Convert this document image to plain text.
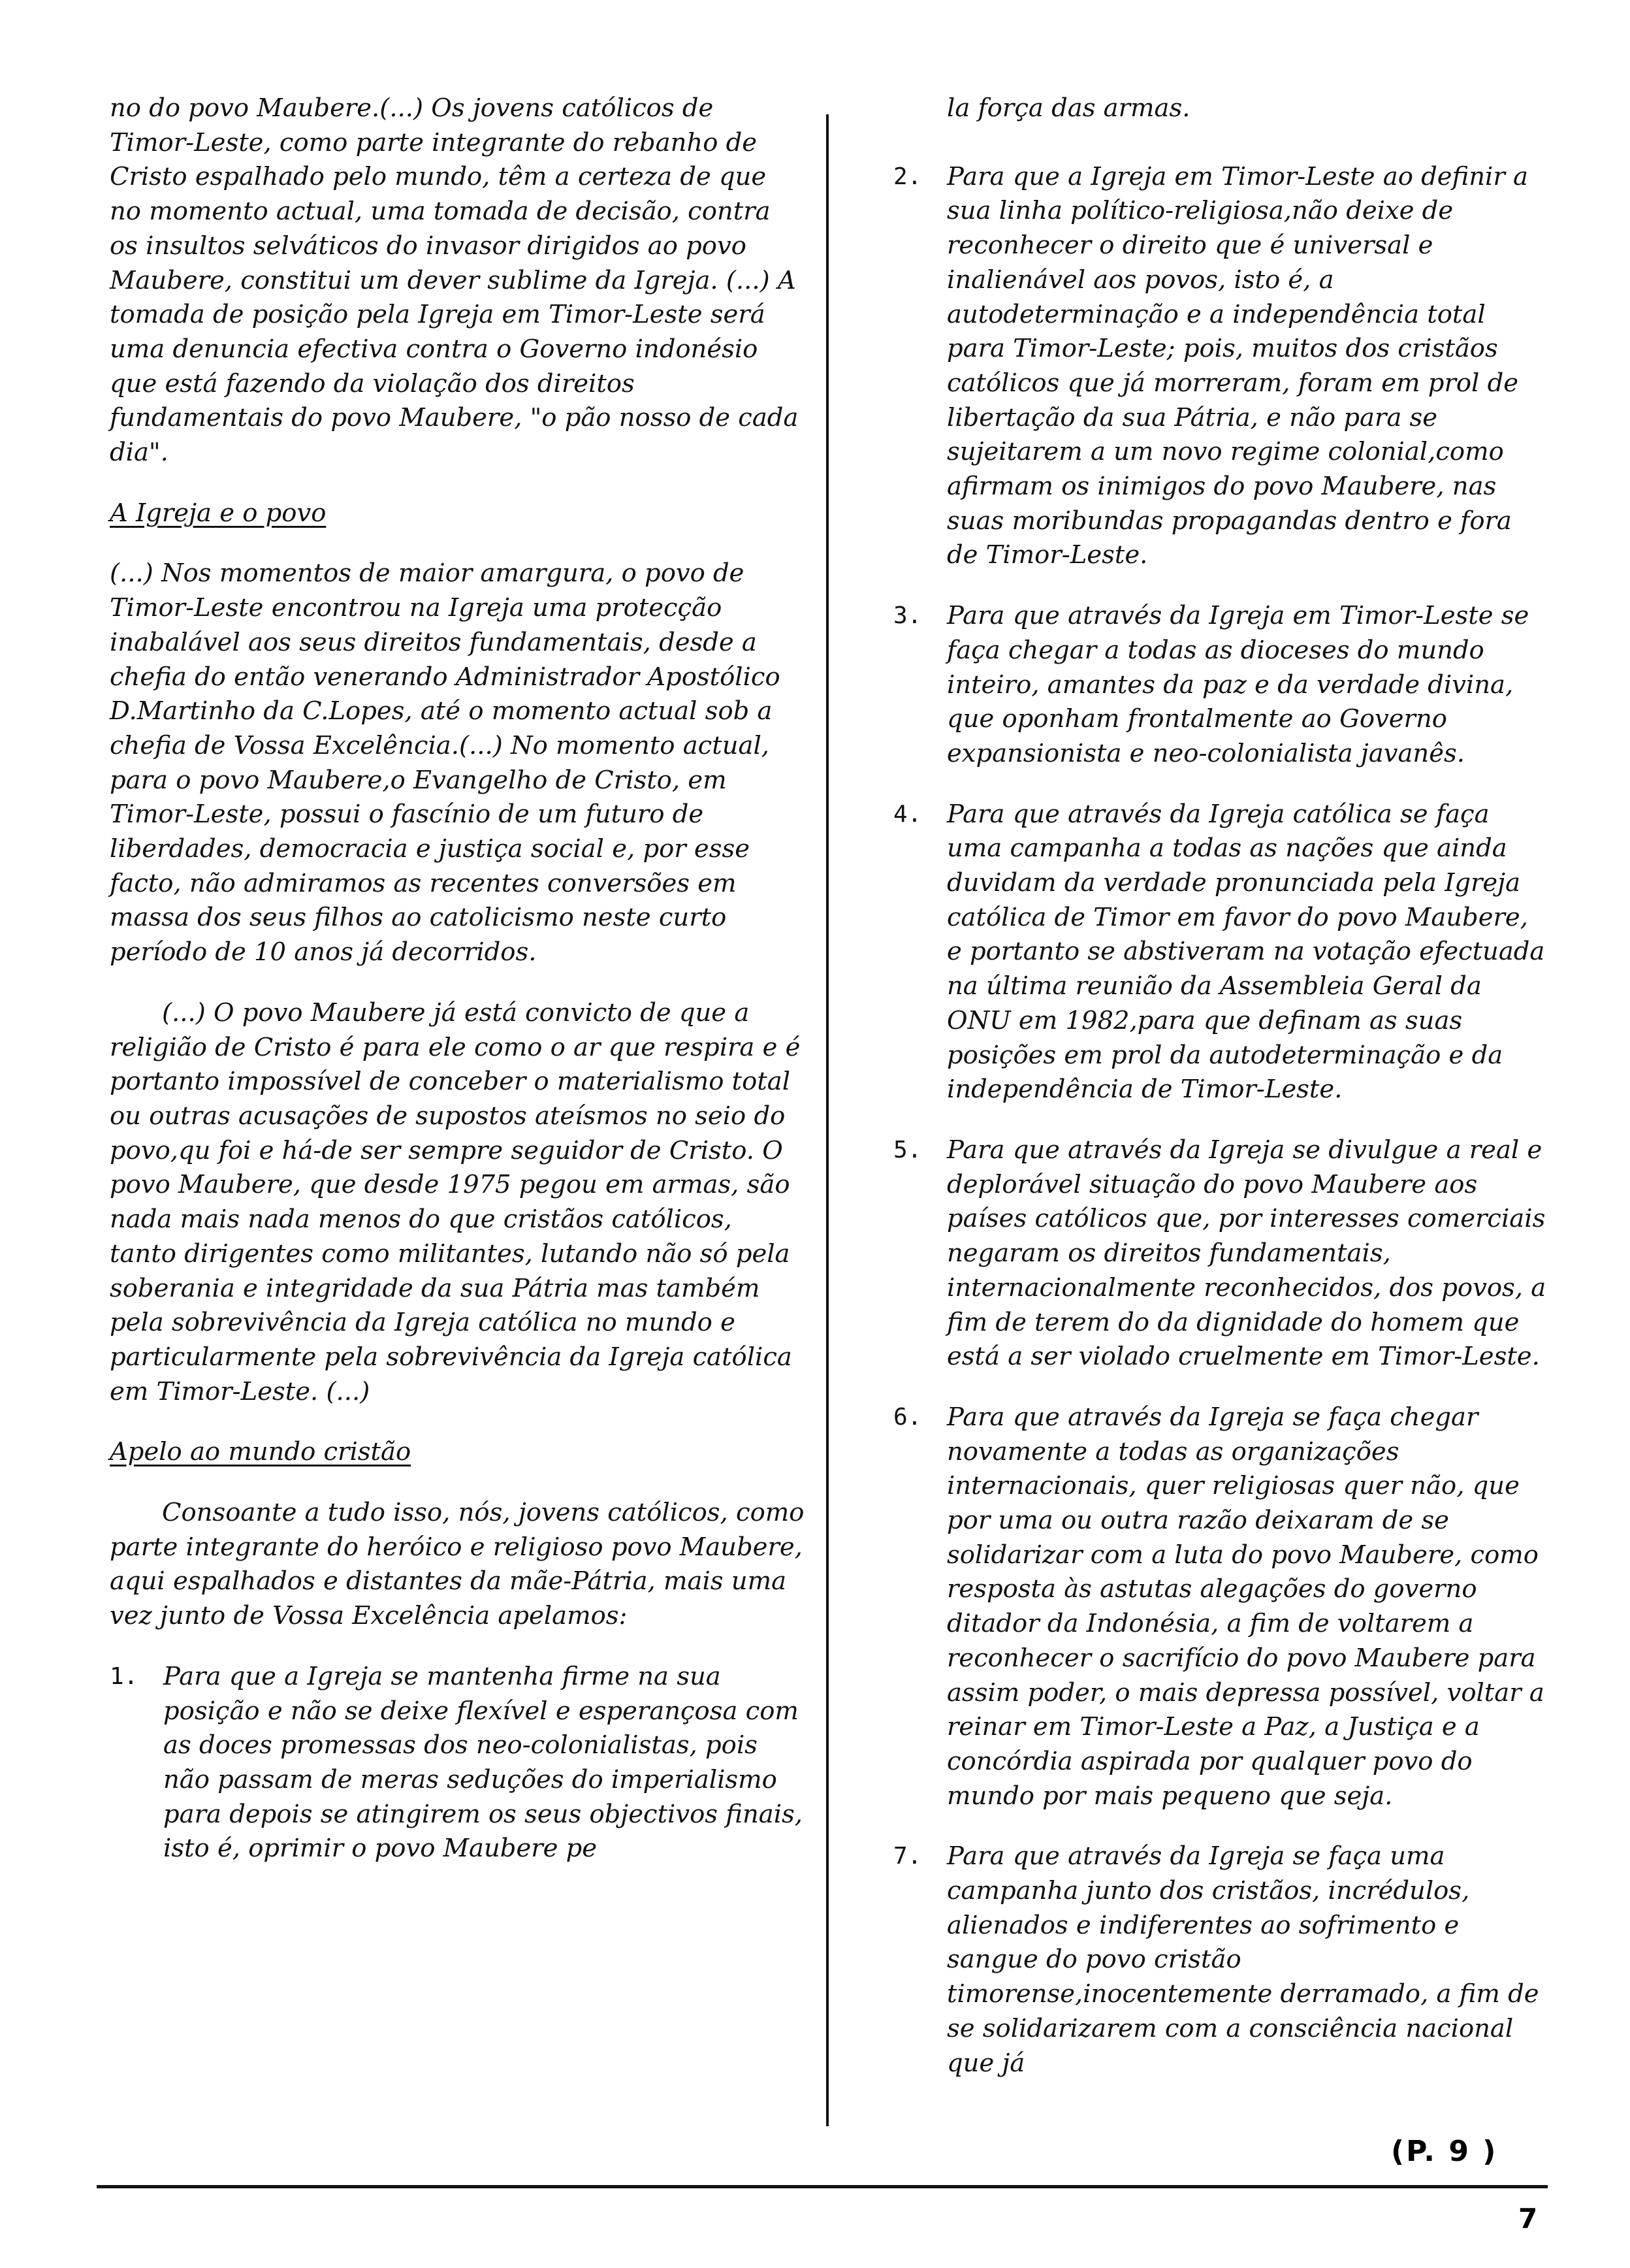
no do povo Maubere.(...) Os jovens católicos de Timor-Leste, como parte integrante do rebanho de Cristo espalhado pelo mundo, têm a certeza de que no momento actual, uma tomada de decisão, contra os insultos selváticos do invasor dirigidos ao povo Maubere, constitui um dever sublime da Igreja. (...) A tomada de posição pela Igreja em Timor-Leste será uma denuncia efectiva contra o Governo indonésio que está fazendo da violação dos direitos fundamentais do povo Maubere, "o pão nosso de cada dia".

A Igreja e o povo

(...) Nos momentos de maior amargura, o povo de Timor-Leste encontrou na Igreja uma protecção inabalável aos seus direitos fundamentais, desde a chefia do então venerando Administrador Apostólico D.Martinho da C.Lopes, até o momento actual sob a chefia de Vossa Excelência.(...) No momento actual, para o povo Maubere,o Evangelho de Cristo, em Timor-Leste, possui o fascínio de um futuro de liberdades, democracia e justiça social e, por esse facto, não admiramos as recentes conversões em massa dos seus filhos ao catolicismo neste curto período de 10 anos já decorridos.

(...) O povo Maubere já está convicto de que a religião de Cristo é para ele como o ar que respira e é portanto impossível de conceber o materialismo total ou outras acusações de supostos ateísmos no seio do povo,qu foi e há-de ser sempre seguidor de Cristo. O povo Maubere, que desde 1975 pegou em armas, são nada mais nada menos do que cristãos católicos, tanto dirigentes como militantes, lutando não só pela soberania e integridade da sua Pátria mas também pela sobrevivência da Igreja católica no mundo e particularmente pela sobrevivência da Igreja católica em Timor-Leste. (...)

Apelo ao mundo cristão

Consoante a tudo isso, nós, jovens católicos, como parte integrante do heróico e religioso povo Maubere, aqui espalhados e distantes da mãe-Pátria, mais uma vez junto de Vossa Excelência apelamos:

1. Para que a Igreja se mantenha firme na sua posição e não se deixe flexível e esperançosa com as doces promessas dos neo-colonialistas, pois não passam de meras seduções do imperialismo para depois se atingirem os seus objectivos finais, isto é, oprimir o povo Maubere pe
la força das armas.
2. Para que a Igreja em Timor-Leste ao definir a sua linha político-religiosa,não deixe de reconhecer o direito que é universal e inalienável aos povos, isto é, a autodeterminação e a independência total para Timor-Leste; pois, muitos dos cristãos católicos que já morreram, foram em prol de libertação da sua Pátria, e não para se sujeitarem a um novo regime colonial,como afirmam os inimigos do povo Maubere, nas suas moribundas propagandas dentro e fora de Timor-Leste.
3. Para que através da Igreja em Timor-Leste se faça chegar a todas as dioceses do mundo inteiro, amantes da paz e da verdade divina, que oponham frontalmente ao Governo expansionista e neo-colonialista javanês.
4. Para que através da Igreja católica se faça uma campanha a todas as nações que ainda duvidam da verdade pronunciada pela Igreja católica de Timor em favor do povo Maubere, e portanto se abstiveram na votação efectuada na última reunião da Assembleia Geral da ONU em 1982,para que definam as suas posições em prol da autodeterminação e da independência de Timor-Leste.
5. Para que através da Igreja se divulgue a real e deplorável situação do povo Maubere aos países católicos que, por interesses comerciais negaram os direitos fundamentais, internacionalmente reconhecidos, dos povos, a fim de terem do da dignidade do homem que está a ser violado cruelmente em Timor-Leste.
6. Para que através da Igreja se faça chegar novamente a todas as organizações internacionais, quer religiosas quer não, que por uma ou outra razão deixaram de se solidarizar com a luta do povo Maubere, como resposta às astutas alegações do governo ditador da Indonésia, a fim de voltarem a reconhecer o sacrifício do povo Maubere para assim poder, o mais depressa possível, voltar a reinar em Timor-Leste a Paz, a Justiça e a concórdia aspirada por qualquer povo do mundo por mais pequeno que seja.
7. Para que através da Igreja se faça uma campanha junto dos cristãos, incrédulos, alienados e indiferentes ao sofrimento e sangue do povo cristão timorense,inocentemente derramado, a fim de se solidarizarem com a consciência nacional que já
(P. 9 )
7
